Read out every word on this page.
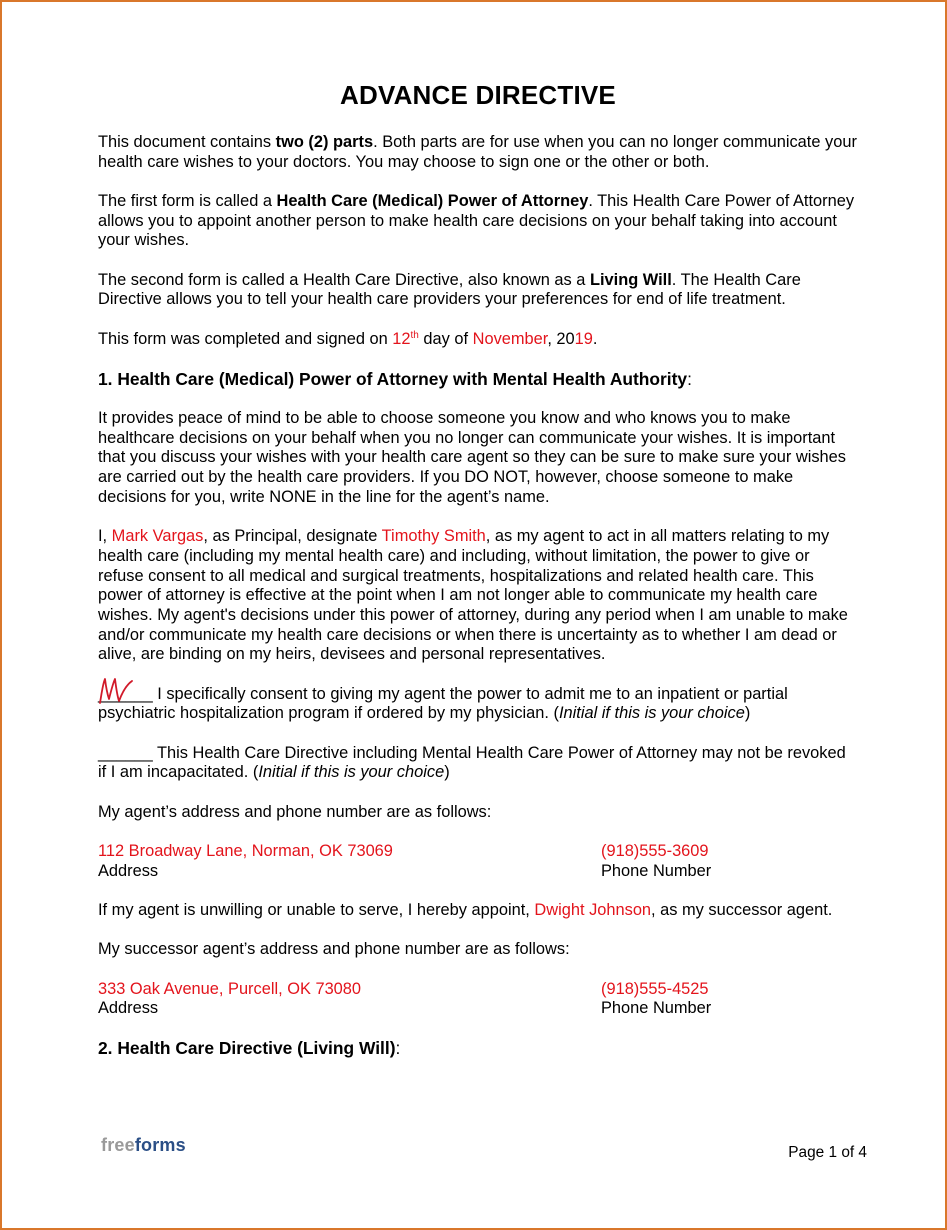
ADVANCE DIRECTIVE

This document contains two (2) parts. Both parts are for use when you can no longer communicate your health care wishes to your doctors. You may choose to sign one or the other or both.

The first form is called a Health Care (Medical) Power of Attorney. This Health Care Power of Attorney allows you to appoint another person to make health care decisions on your behalf taking into account your wishes.

The second form is called a Health Care Directive, also known as a Living Will. The Health Care Directive allows you to tell your health care providers your preferences for end of life treatment.

This form was completed and signed on 12th day of November, 2019.

1. Health Care (Medical) Power of Attorney with Mental Health Authority:

It provides peace of mind to be able to choose someone you know and who knows you to make healthcare decisions on your behalf when you no longer can communicate your wishes. It is important that you discuss your wishes with your health care agent so they can be sure to make sure your wishes are carried out by the health care providers. If you DO NOT, however, choose someone to make decisions for you, write NONE in the line for the agent’s name.

I, Mark Vargas, as Principal, designate Timothy Smith, as my agent to act in all matters relating to my health care (including my mental health care) and including, without limitation, the power to give or refuse consent to all medical and surgical treatments, hospitalizations and related health care. This power of attorney is effective at the point when I am not longer able to communicate my health care wishes. My agent's decisions under this power of attorney, during any period when I am unable to make and/or communicate my health care decisions or when there is uncertainty as to whether I am dead or alive, are binding on my heirs, devisees and personal representatives.

______
I specifically consent to giving my agent the power to admit me to an inpatient or partial psychiatric hospitalization program if ordered by my physician. (Initial if this is your choice)

______ This Health Care Directive including Mental Health Care Power of Attorney may not be revoked if I am incapacitated. (Initial if this is your choice)

My agent’s address and phone number are as follows:

112 Broadway Lane, Norman, OK 73069
Address
(918)555-3609
Phone Number

If my agent is unwilling or unable to serve, I hereby appoint, Dwight Johnson, as my successor agent.

My successor agent’s address and phone number are as follows:

333 Oak Avenue, Purcell, OK 73080
Address
(918)555-4525
Phone Number
2. Health Care Directive (Living Will):
freeforms	Page 1 of 4
